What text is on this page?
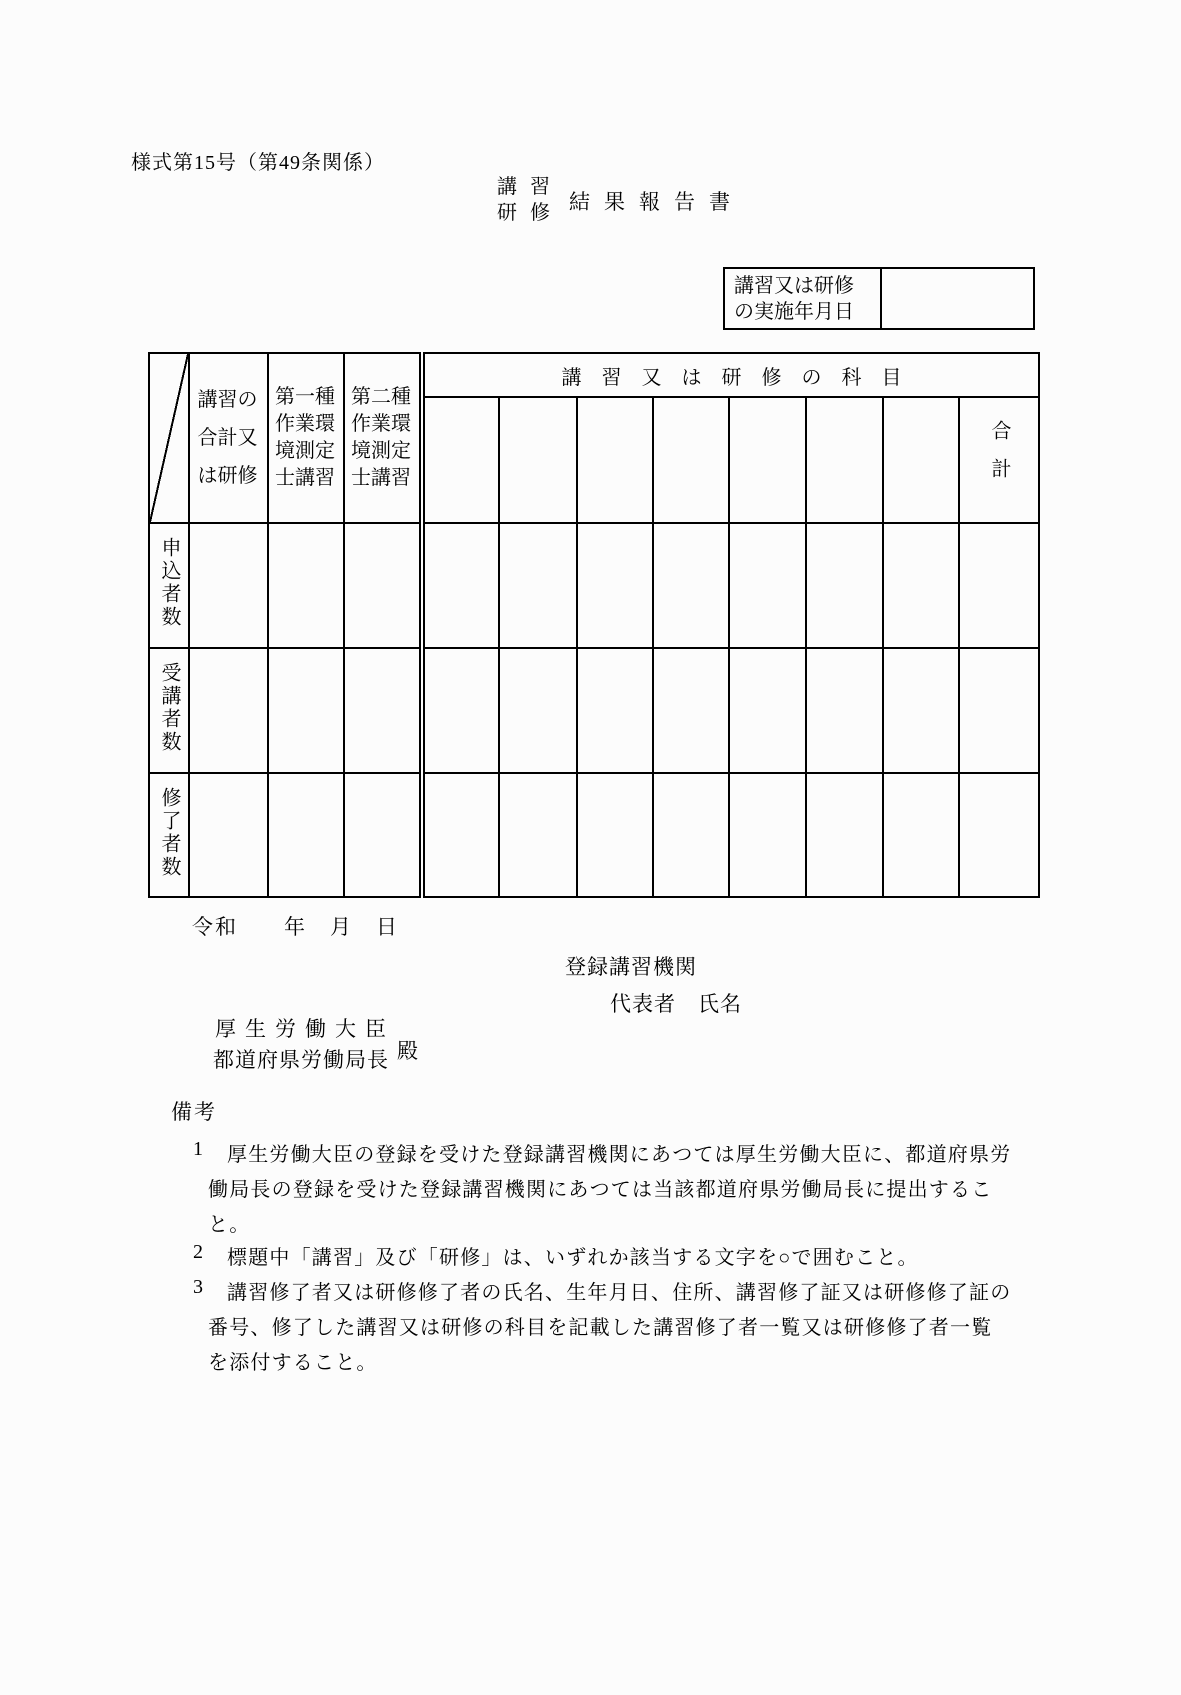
様式第15号（第49条関係）
講習
研修 結果報告書
講習又は研修
の実施年月日

	講習の合計又は研修	第一種作業環境測定士講習	第二種作業環境測定士講習	講習又は研修の科目							
											合計
申込者数											
受講者数											
修了者数											
令和　　年　月　日
登録講習機関
代表者　氏名
厚生労働大臣
都道府県労働局長 殿
備考
1 厚生労働大臣の登録を受けた登録講習機関にあつては厚生労働大臣に、都道府県労
働局長の登録を受けた登録講習機関にあつては当該都道府県労働局長に提出するこ
と。
2 標題中「講習」及び「研修」は、いずれか該当する文字を○で囲むこと。
3 講習修了者又は研修修了者の氏名、生年月日、住所、講習修了証又は研修修了証の
番号、修了した講習又は研修の科目を記載した講習修了者一覧又は研修修了者一覧
を添付すること。
